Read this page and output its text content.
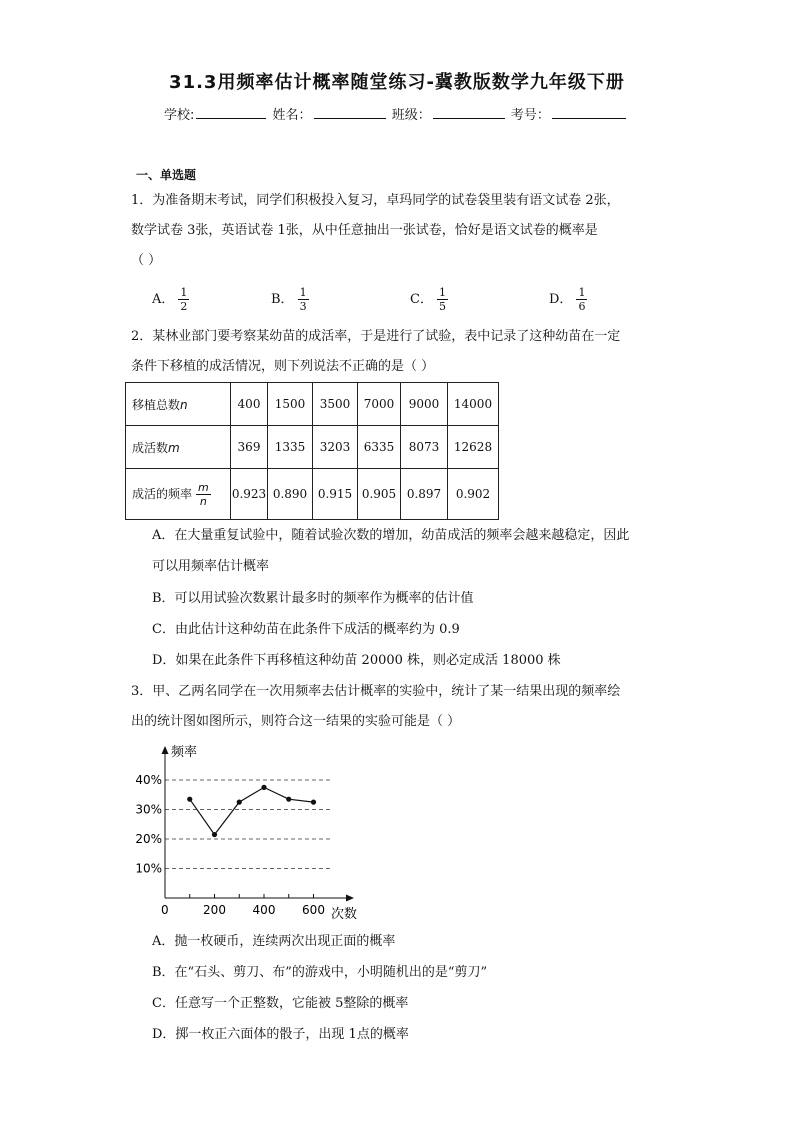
31.3用频率估计概率随堂练习-冀教版数学九年级下册
学校:	姓名：	班级：	考号：
一、单选题
1．为准备期末考试，同学们积极投入复习，卓玛同学的试卷袋里装有语文试卷 2张，
数学试卷 3张，英语试卷 1张，从中任意抽出一张试卷，恰好是语文试卷的概率是
（ ）
A． $\frac{1}{2}$	B． $\frac{1}{3}$	C． $\frac{1}{5}$	D． $\frac{1}{6}$
2．某林业部门要考察某幼苗的成活率，于是进行了试验，表中记录了这种幼苗在一定
条件下移植的成活情况，则下列说法不正确的是（ ）
移植总数n	400	1500	3500	7000	9000	14000
成活数m	369	1335	3203	6335	8073	12628
成活的频率 $\frac{m}{n}$	0.923	0.890	0.915	0.905	0.897	0.902
A．在大量重复试验中，随着试验次数的增加，幼苗成活的频率会越来越稳定，因此
可以用频率估计概率
B．可以用试验次数累计最多时的频率作为概率的估计值
C．由此估计这种幼苗在此条件下成活的概率约为 0.9
D．如果在此条件下再移植这种幼苗 20000 株，则必定成活 18000 株
3．甲、乙两名同学在一次用频率去估计概率的实验中，统计了某一结果出现的频率绘
出的统计图如图所示，则符合这一结果的实验可能是（ ）
频率
次数
0
10%
20%
30%
40%
200 400 600
A．抛一枚硬币，连续两次出现正面的概率
B．在“石头、剪刀、布”的游戏中，小明随机出的是“剪刀”
C．任意写一个正整数，它能被 5整除的概率
D．掷一枚正六面体的骰子，出现 1点的概率
